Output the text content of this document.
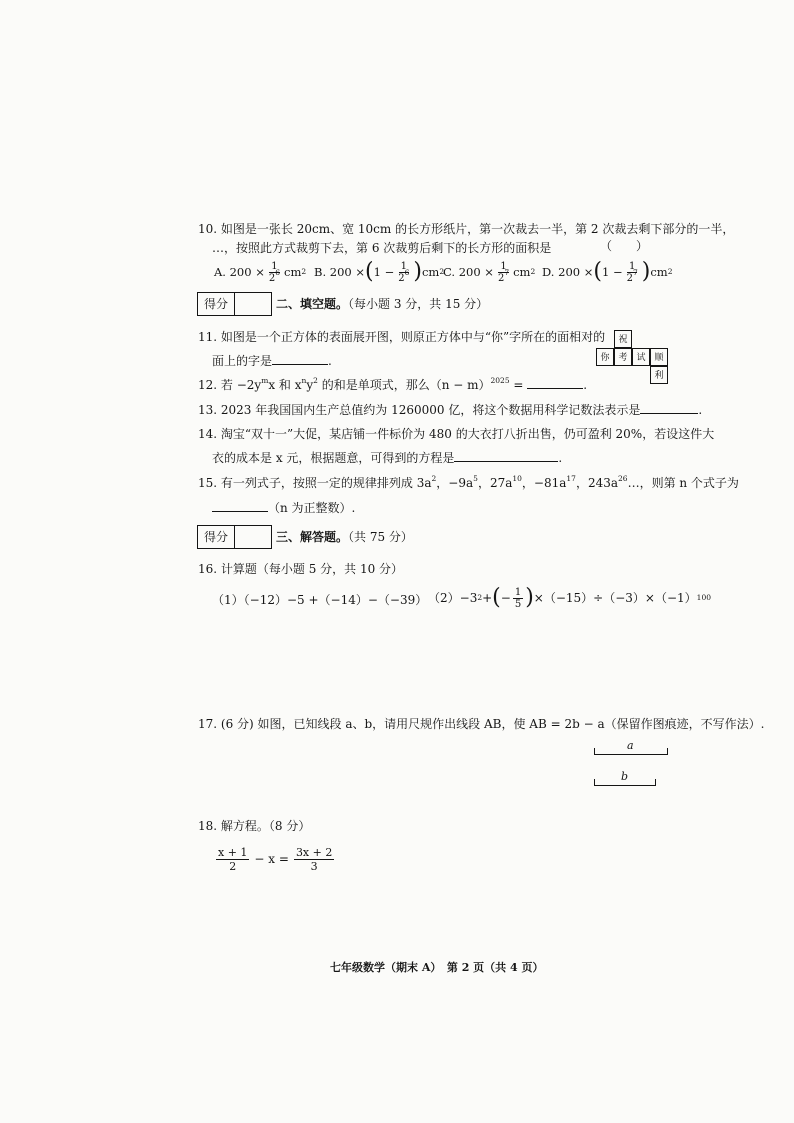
10. 如图是一张长 20cm、宽 10cm 的长方形纸片，第一次裁去一半，第 2 次裁去剩下部分的一半，
…，按照此方式裁剪下去，第 6 次裁剪后剩下的长方形的面积是	（　　）
A. $200 \times \frac{1}{2^6}$ cm 2 B. 200 × ( $1 - \frac{1}{2^6}$ ) cm 2
C. $200 \times \frac{1}{2^7}$ cm 2 D. 200 × ( $1 - \frac{1}{2^7}$ ) cm 2
得分	二、填空题。（每小题 3 分，共 15 分）
11. 如图是一个正方体的表面展开图，则原正方体中与“你”字所在的面相对的
面上的字是	.
祝
你 考 试 顺
利
12. 若 $-2y^mx$ 和 $x^ny^2$ 的和是单项式，那么$(n - m)^{2025}$ =	.
13. 2023 年我国国内生产总值约为 1260000 亿，将这个数据用科学记数法表示是	.
14. 淘宝“双十一”大促，某店铺一件标价为 480 的大衣打八折出售，仍可盈利 20%，若设这件大
衣的成本是 x 元，根据题意，可得到的方程是	.
15. 有一列式子，按照一定的规律排列成 $3a^2$，$-9a^5$，$27a^{10}$，$-81a^{17}$，$243a^{26}\dots$，则第 n 个式子为
（n 为正整数）.
得分	三、解答题。（共 75 分）
16. 计算题（每小题 5 分，共 10 分）
（1）（−12）−5 +（−14）−（−39） （2）−3 2 + ( − $\frac{1}{5}$ ) ×（−15）÷（−3）×（−1） 100
17. (6 分) 如图，已知线段 a、b，请用尺规作出线段 AB，使 AB = 2b − a（保留作图痕迹，不写作法）.
a
b
18. 解方程。（8 分）
$\frac{x + 1}{2} - x = \frac{3x + 2}{3}$
七年级数学（期末 A）　第 2 页（共 4 页）
